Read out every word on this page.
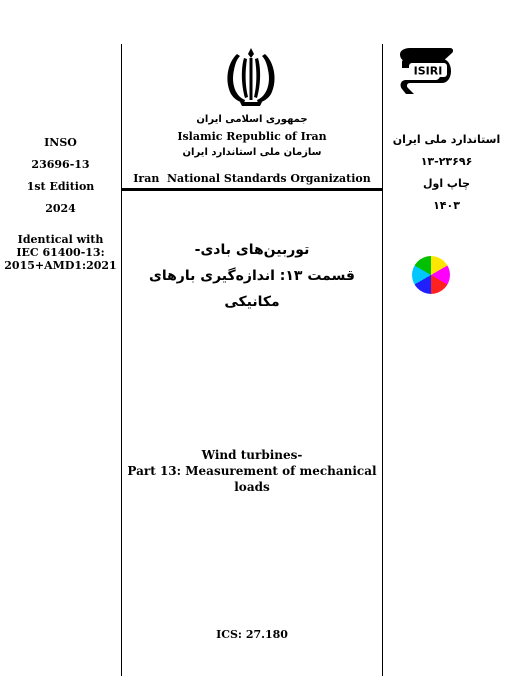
INSO
23696-13
1st Edition
2024
Identical with
IEC 61400-13:
2015+AMD1:2021
جمهوری اسلامی ایران
Islamic Republic of Iran
سازمان ملی استاندارد ایران
Iran  National Standards Organization
ISIRI
استاندارد ملی ایران
۱۳-۲۳۶۹۶
چاپ اول
۱۴۰۳
توربین‌های بادی-
قسمت ۱۳: اندازه‌گیری بارهای مکانیکی
Wind turbines-
Part 13: Measurement of mechanical
loads
ICS: 27.180
